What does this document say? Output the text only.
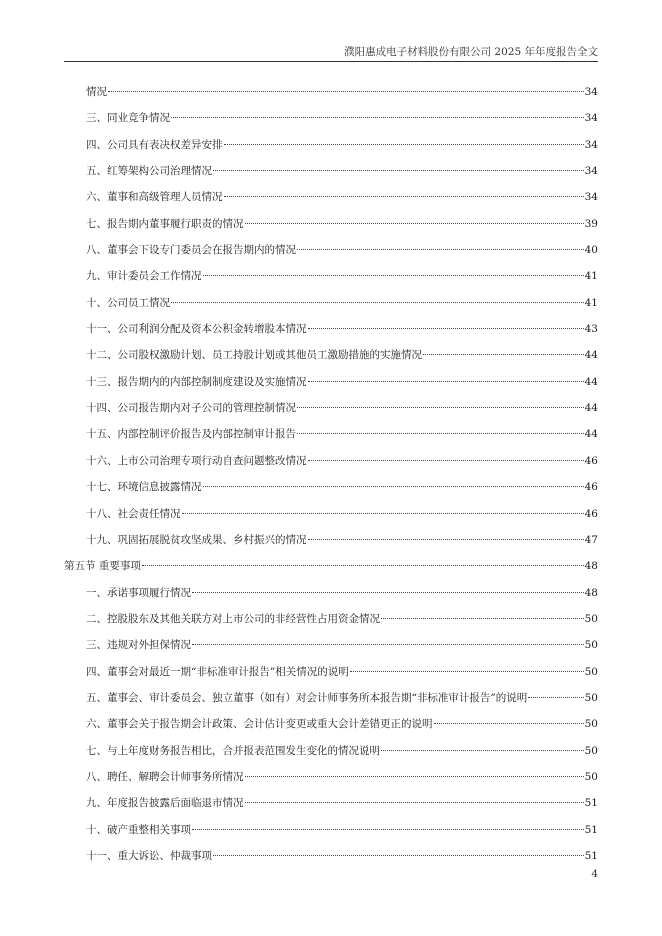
濮阳惠成电子材料股份有限公司 2025 年年度报告全文
情况	34
三、同业竞争情况	34
四、公司具有表决权差异安排	34
五、红筹架构公司治理情况	34
六、董事和高级管理人员情况	34
七、报告期内董事履行职责的情况	39
八、董事会下设专门委员会在报告期内的情况	40
九、审计委员会工作情况	41
十、公司员工情况	41
十一、公司利润分配及资本公积金转增股本情况	43
十二、公司股权激励计划、员工持股计划或其他员工激励措施的实施情况	44
十三、报告期内的内部控制制度建设及实施情况	44
十四、公司报告期内对子公司的管理控制情况	44
十五、内部控制评价报告及内部控制审计报告	44
十六、上市公司治理专项行动自查问题整改情况	46
十七、环境信息披露情况	46
十八、社会责任情况	46
十九、巩固拓展脱贫攻坚成果、乡村振兴的情况	47
第五节 重要事项	48
一、承诺事项履行情况	48
二、控股股东及其他关联方对上市公司的非经营性占用资金情况	50
三、违规对外担保情况	50
四、董事会对最近一期“非标准审计报告”相关情况的说明	50
五、董事会、审计委员会、独立董事（如有）对会计师事务所本报告期“非标准审计报告”的说明	50
六、董事会关于报告期会计政策、会计估计变更或重大会计差错更正的说明	50
七、与上年度财务报告相比，合并报表范围发生变化的情况说明	50
八、聘任、解聘会计师事务所情况	50
九、年度报告披露后面临退市情况	51
十、破产重整相关事项	51
十一、重大诉讼、仲裁事项	51
4
